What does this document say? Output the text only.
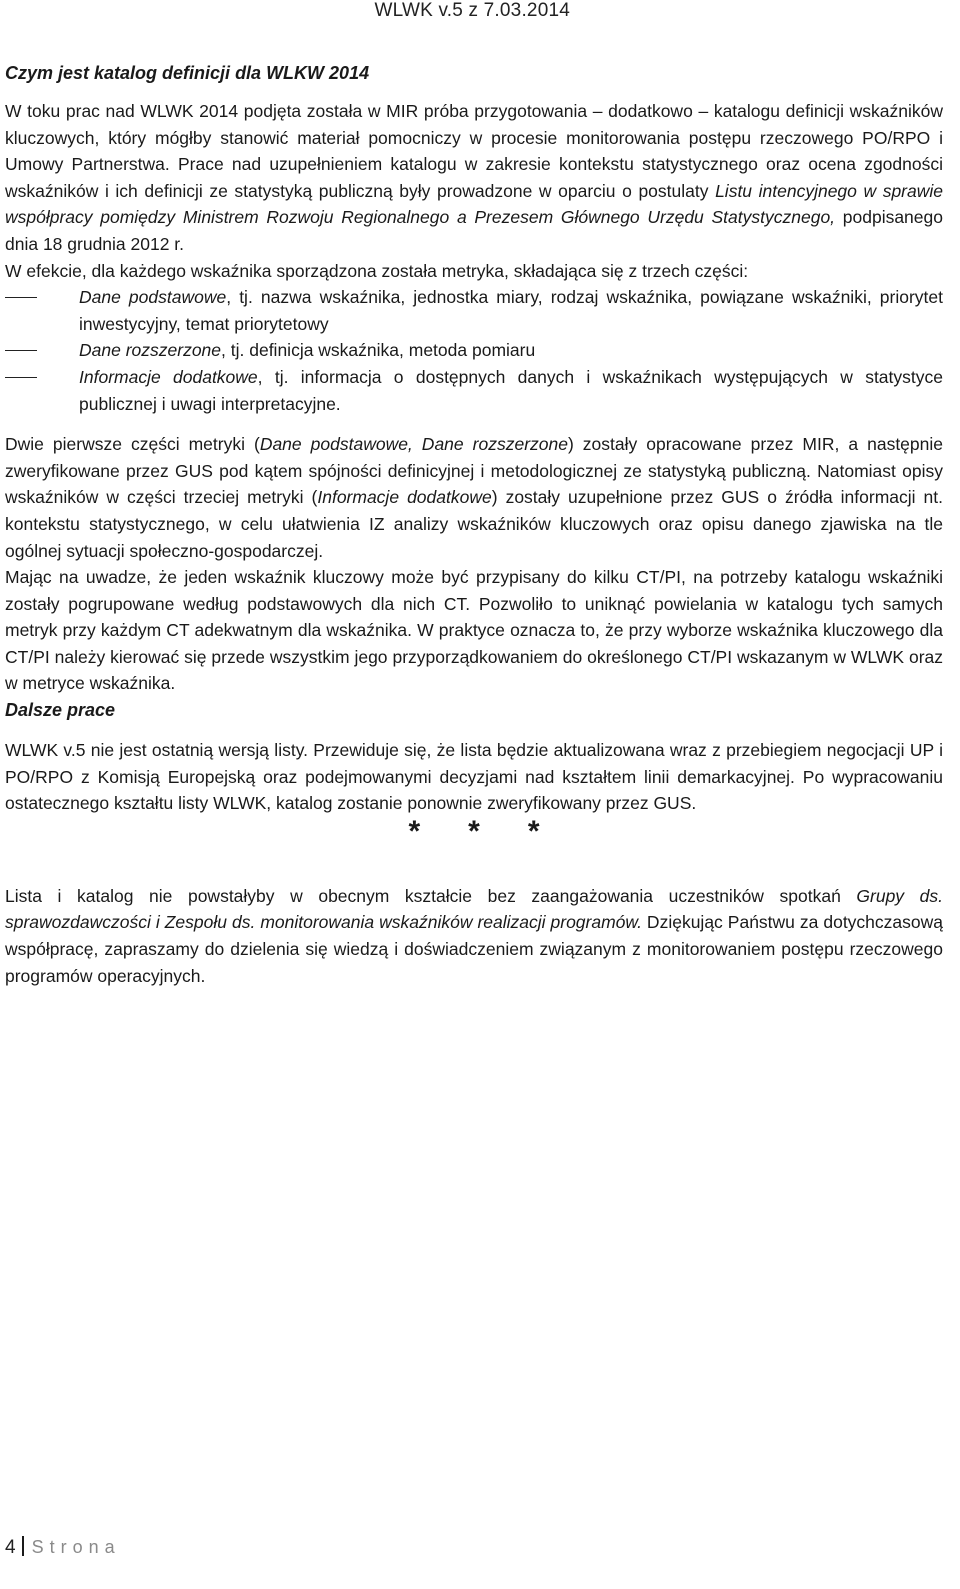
WLWK v.5 z 7.03.2014
Czym jest katalog definicji dla WLKW 2014

W toku prac nad WLWK 2014 podjęta została w MIR próba przygotowania – dodatkowo – katalogu definicji wskaźników kluczowych, który mógłby stanowić materiał pomocniczy w procesie monitorowania postępu rzeczowego PO/RPO i Umowy Partnerstwa. Prace nad uzupełnieniem katalogu w zakresie kontekstu statystycznego oraz ocena zgodności wskaźników i ich definicji ze statystyką publiczną były prowadzone w oparciu o postulaty Listu intencyjnego w sprawie współpracy pomiędzy Ministrem Rozwoju Regionalnego a Prezesem Głównego Urzędu Statystycznego, podpisanego dnia 18 grudnia 2012 r.

W efekcie, dla każdego wskaźnika sporządzona została metryka, składająca się z trzech części:

Dane podstawowe, tj. nazwa wskaźnika, jednostka miary, rodzaj wskaźnika, powiązane wskaźniki, priorytet inwestycyjny, temat priorytetowy
Dane rozszerzone, tj. definicja wskaźnika, metoda pomiaru
Informacje dodatkowe, tj. informacja o dostępnych danych i wskaźnikach występujących w statystyce publicznej i uwagi interpretacyjne.

Dwie pierwsze części metryki (Dane podstawowe, Dane rozszerzone) zostały opracowane przez MIR, a następnie zweryfikowane przez GUS pod kątem spójności definicyjnej i metodologicznej ze statystyką publiczną. Natomiast opisy wskaźników w części trzeciej metryki (Informacje dodatkowe) zostały uzupełnione przez GUS o źródła informacji nt. kontekstu statystycznego, w celu ułatwienia IZ analizy wskaźników kluczowych oraz opisu danego zjawiska na tle ogólnej sytuacji społeczno-gospodarczej.

Mając na uwadze, że jeden wskaźnik kluczowy może być przypisany do kilku CT/PI, na potrzeby katalogu wskaźniki zostały pogrupowane według podstawowych dla nich CT. Pozwoliło to uniknąć powielania w katalogu tych samych metryk przy każdym CT adekwatnym dla wskaźnika. W praktyce oznacza to, że przy wyborze wskaźnika kluczowego dla CT/PI należy kierować się przede wszystkim jego przyporządkowaniem do określonego CT/PI wskazanym w WLWK oraz w metryce wskaźnika.

Dalsze prace

WLWK v.5 nie jest ostatnią wersją listy. Przewiduje się, że lista będzie aktualizowana wraz z przebiegiem negocjacji UP i PO/RPO z Komisją Europejską oraz podejmowanymi decyzjami nad kształtem linii demarkacyjnej. Po wypracowaniu ostatecznego kształtu listy WLWK, katalog zostanie ponownie zweryfikowany przez GUS.

* * *

Lista i katalog nie powstałyby w obecnym kształcie bez zaangażowania uczestników spotkań Grupy ds. sprawozdawczości i Zespołu ds. monitorowania wskaźników realizacji programów. Dziękując Państwu za dotychczasową współpracę, zapraszamy do dzielenia się wiedzą i doświadczeniem związanym z monitorowaniem postępu rzeczowego programów operacyjnych.

4 Strona
